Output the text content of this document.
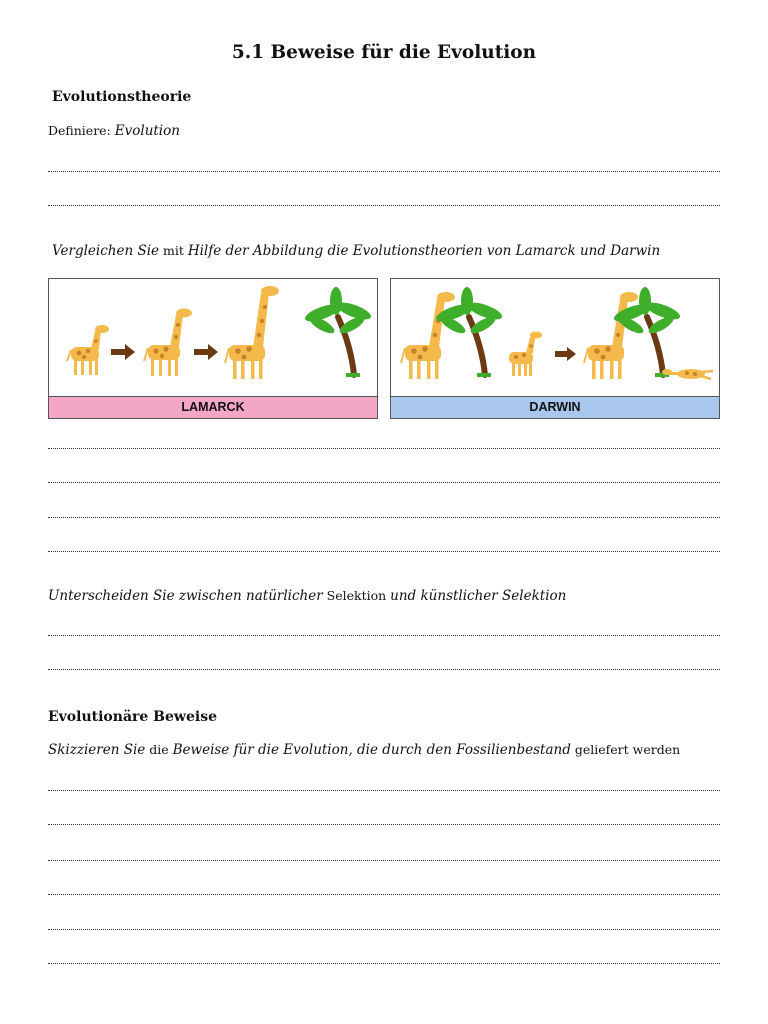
5.1 Beweise für die Evolution
Evolutionstheorie
Definiere: Evolution
Vergleichen Sie mit Hilfe der Abbildung die Evolutionstheorien von Lamarck und Darwin
LAMARCK	DARWIN
Unterscheiden Sie zwischen natürlicher Selektion und künstlicher Selektion
Evolutionäre Beweise
Skizzieren Sie die Beweise für die Evolution, die durch den Fossilienbestand geliefert werden
